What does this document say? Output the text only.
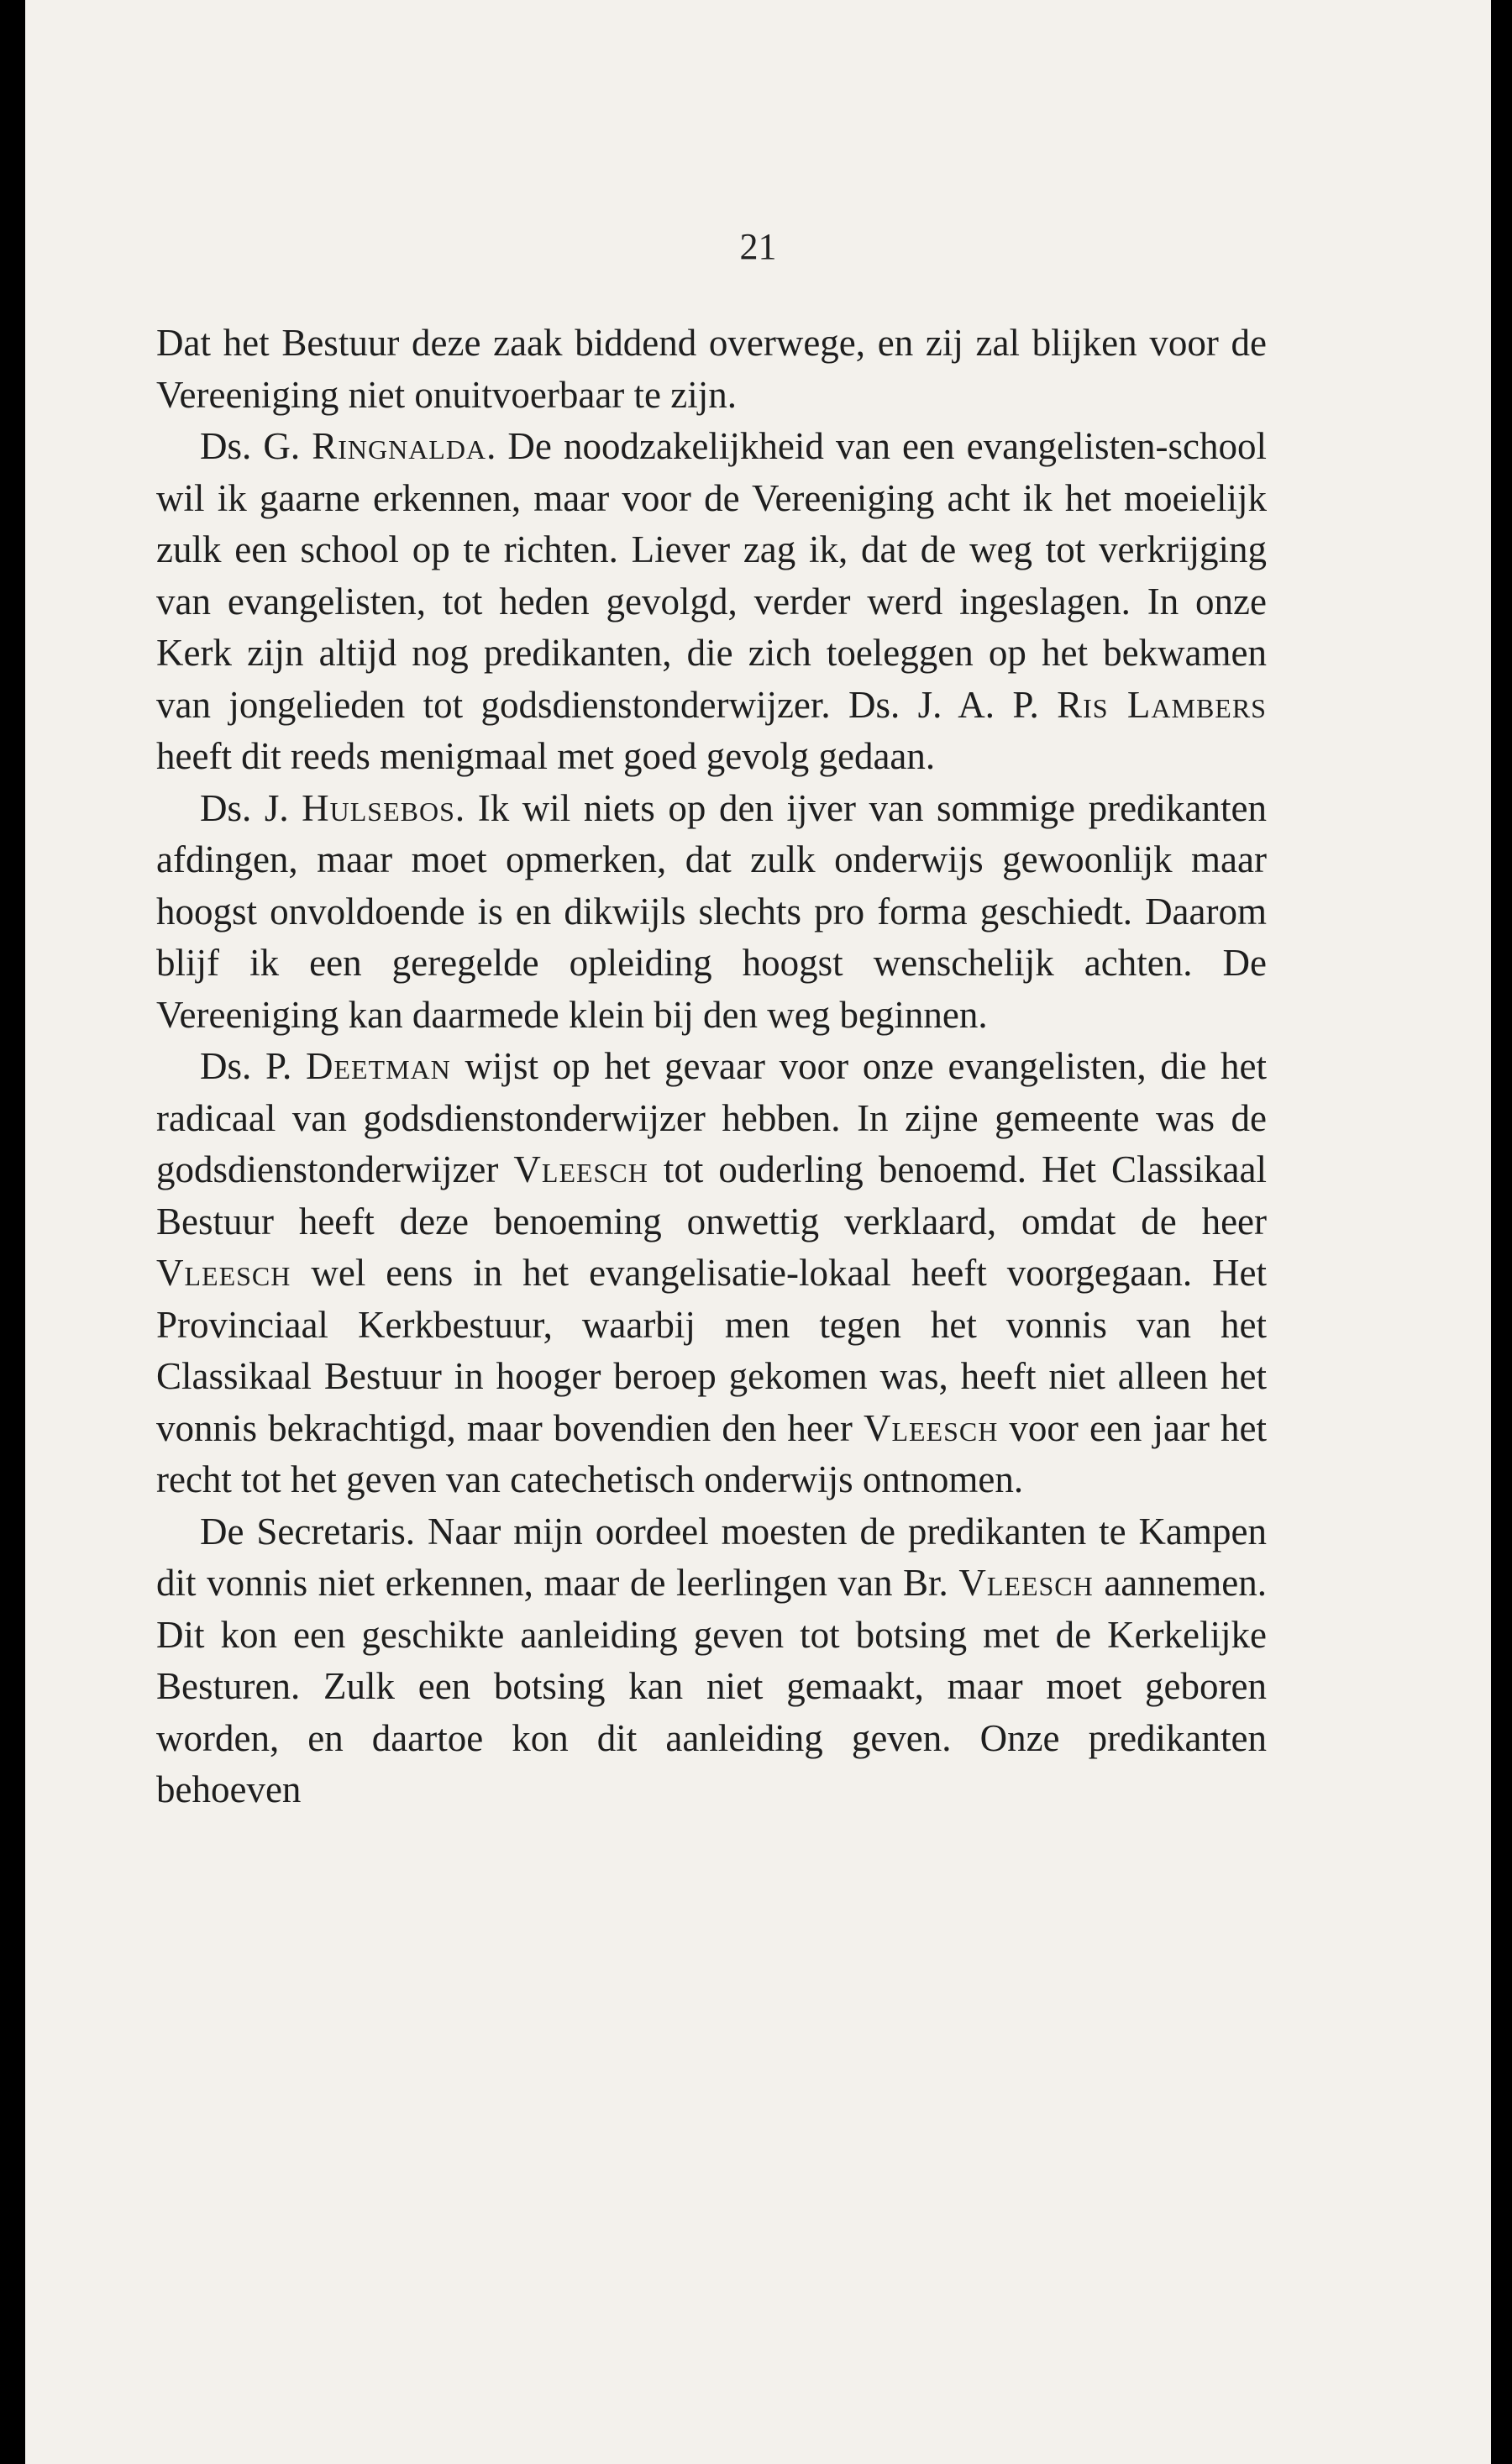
21

Dat het Bestuur deze zaak biddend overwege, en zij zal blijken voor de Vereeniging niet onuitvoerbaar te zijn.

Ds. G. Ringnalda. De noodzakelijkheid van een evangelisten-school wil ik gaarne erkennen, maar voor de Vereeniging acht ik het moeielijk zulk een school op te richten. Liever zag ik, dat de weg tot verkrijging van evangelisten, tot heden gevolgd, verder werd ingeslagen. In onze Kerk zijn altijd nog predikanten, die zich toeleggen op het bekwamen van jongelieden tot godsdienstonderwijzer. Ds. J. A. P. Ris Lambers heeft dit reeds menigmaal met goed gevolg gedaan.

Ds. J. Hulsebos. Ik wil niets op den ijver van sommige predikanten afdingen, maar moet opmerken, dat zulk onderwijs gewoonlijk maar hoogst onvoldoende is en dikwijls slechts pro forma geschiedt. Daarom blijf ik een geregelde opleiding hoogst wenschelijk achten. De Vereeniging kan daarmede klein bij den weg beginnen.

Ds. P. Deetman wijst op het gevaar voor onze evangelisten, die het radicaal van godsdienstonderwijzer hebben. In zijne gemeente was de godsdienstonderwijzer Vleesch tot ouderling benoemd. Het Classikaal Bestuur heeft deze benoeming onwettig verklaard, omdat de heer Vleesch wel eens in het evangelisatie-lokaal heeft voorgegaan. Het Provinciaal Kerkbestuur, waarbij men tegen het vonnis van het Classikaal Bestuur in hooger beroep gekomen was, heeft niet alleen het vonnis bekrachtigd, maar bovendien den heer Vleesch voor een jaar het recht tot het geven van catechetisch onderwijs ontnomen.

De Secretaris. Naar mijn oordeel moesten de predikanten te Kampen dit vonnis niet erkennen, maar de leerlingen van Br. Vleesch aannemen. Dit kon een geschikte aanleiding geven tot botsing met de Kerkelijke Besturen. Zulk een botsing kan niet gemaakt, maar moet geboren worden, en daartoe kon dit aanleiding geven. Onze predikanten behoeven
